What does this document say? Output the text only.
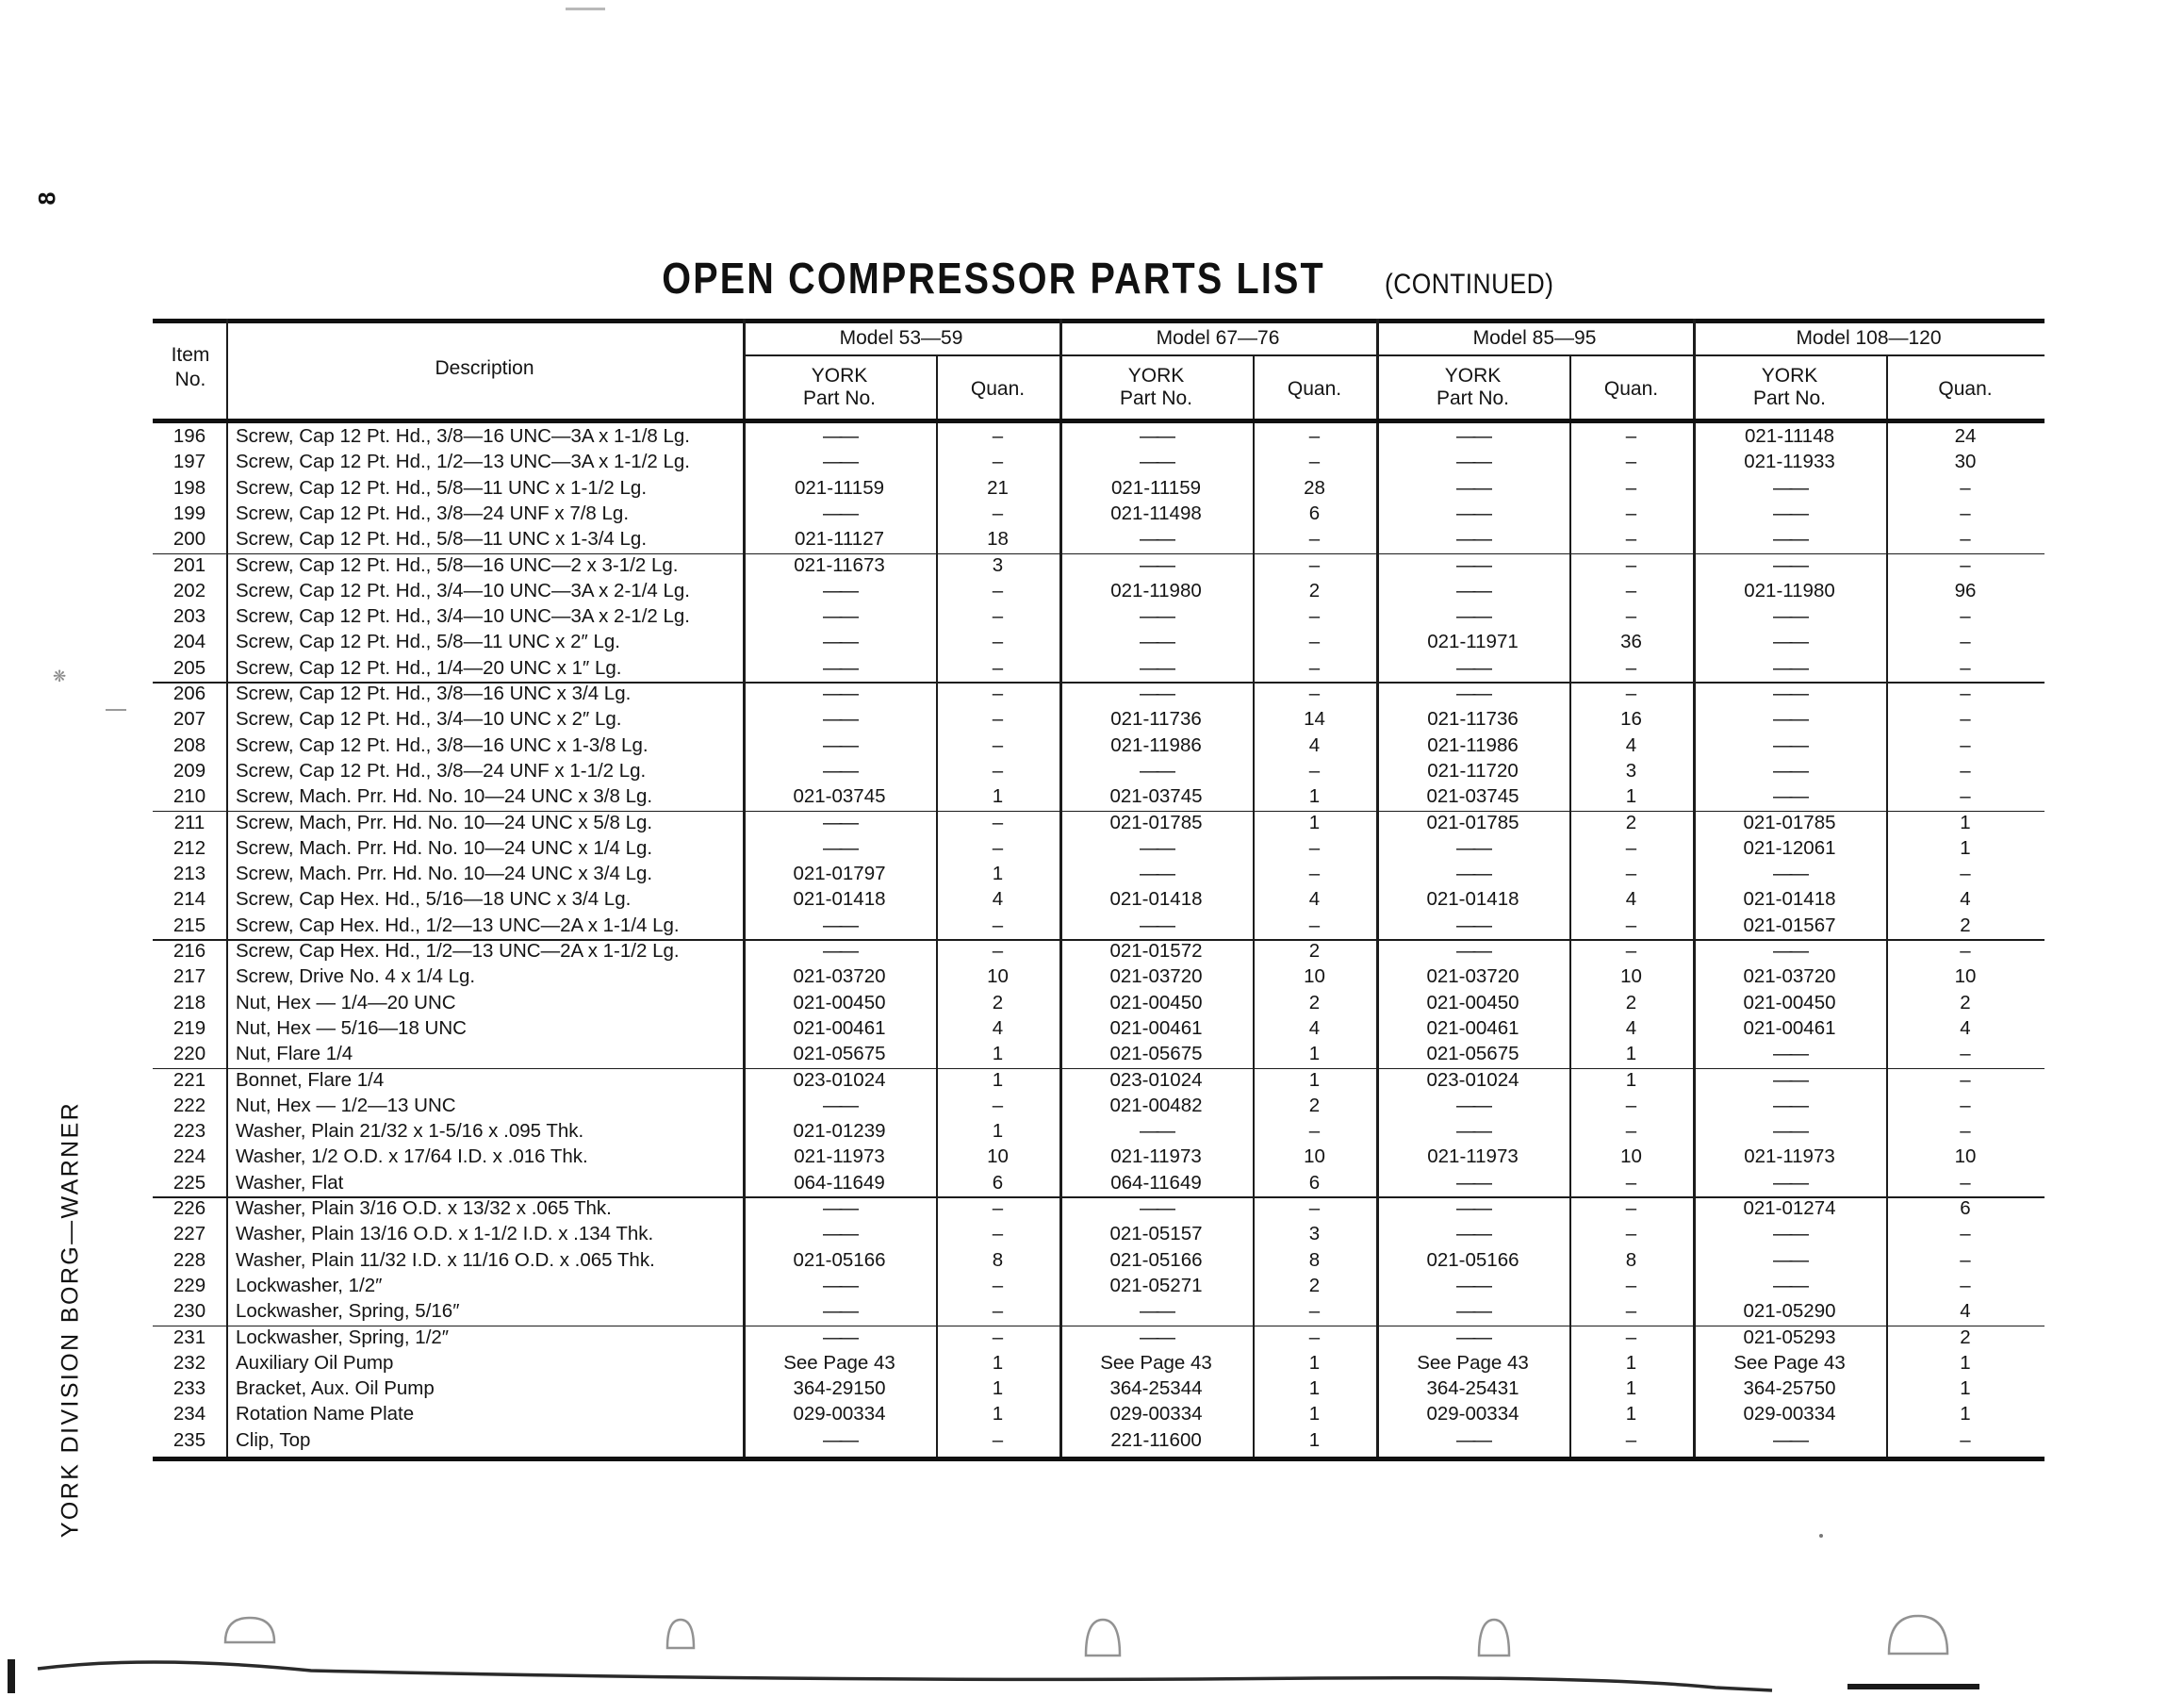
8
YORK DIVISION BORG—WARNER
❋
OPEN COMPRESSOR PARTS LIST (CONTINUED)
Item
No.
Description
Model 53—59	Model 67—76	Model 85—95	Model 108—120
YORK
Part No.	Quan.
YORK
Part No.	Quan.
YORK
Part No.	Quan.
YORK
Part No.	Quan.
196	Screw, Cap 12 Pt. Hd., 3/8—16 UNC—3A x 1-1/8 Lg.	——	–	——	–	——	–	021-11148	24
197	Screw, Cap 12 Pt. Hd., 1/2—13 UNC—3A x 1-1/2 Lg.	——	–	——	–	——	–	021-11933	30
198	Screw, Cap 12 Pt. Hd., 5/8—11 UNC x 1-1/2 Lg.	021-11159	21	021-11159	28	——	–	——	–
199	Screw, Cap 12 Pt. Hd., 3/8—24 UNF x 7/8 Lg.	——	–	021-11498	6	——	–	——	–
200	Screw, Cap 12 Pt. Hd., 5/8—11 UNC x 1-3/4 Lg.	021-11127	18	——	–	——	–	——	–
201	Screw, Cap 12 Pt. Hd., 5/8—16 UNC—2 x 3-1/2 Lg.	021-11673	3	——	–	——	–	——	–
202	Screw, Cap 12 Pt. Hd., 3/4—10 UNC—3A x 2-1/4 Lg.	——	–	021-11980	2	——	–	021-11980	96
203	Screw, Cap 12 Pt. Hd., 3/4—10 UNC—3A x 2-1/2 Lg.	——	–	——	–	——	–	——	–
204	Screw, Cap 12 Pt. Hd., 5/8—11 UNC x 2″ Lg.	——	–	——	–	021-11971	36	——	–
205	Screw, Cap 12 Pt. Hd., 1/4—20 UNC x 1″ Lg.	——	–	——	–	——	–	——	–
206	Screw, Cap 12 Pt. Hd., 3/8—16 UNC x 3/4 Lg.	——	–	——	–	——	–	——	–
207	Screw, Cap 12 Pt. Hd., 3/4—10 UNC x 2″ Lg.	——	–	021-11736	14	021-11736	16	——	–
208	Screw, Cap 12 Pt. Hd., 3/8—16 UNC x 1-3/8 Lg.	——	–	021-11986	4	021-11986	4	——	–
209	Screw, Cap 12 Pt. Hd., 3/8—24 UNF x 1-1/2 Lg.	——	–	——	–	021-11720	3	——	–
210	Screw, Mach. Prr. Hd. No. 10—24 UNC x 3/8 Lg.	021-03745	1	021-03745	1	021-03745	1	——	–
211	Screw, Mach, Prr. Hd. No. 10—24 UNC x 5/8 Lg.	——	–	021-01785	1	021-01785	2	021-01785	1
212	Screw, Mach. Prr. Hd. No. 10—24 UNC x 1/4 Lg.	——	–	——	–	——	–	021-12061	1
213	Screw, Mach. Prr. Hd. No. 10—24 UNC x 3/4 Lg.	021-01797	1	——	–	——	–	——	–
214	Screw, Cap Hex. Hd., 5/16—18 UNC x 3/4 Lg.	021-01418	4	021-01418	4	021-01418	4	021-01418	4
215	Screw, Cap Hex. Hd., 1/2—13 UNC—2A x 1-1/4 Lg.	——	–	——	–	——	–	021-01567	2
216	Screw, Cap Hex. Hd., 1/2—13 UNC—2A x 1-1/2 Lg.	——	–	021-01572	2	——	–	——	–
217	Screw, Drive No. 4 x 1/4 Lg.	021-03720	10	021-03720	10	021-03720	10	021-03720	10
218	Nut, Hex — 1/4—20 UNC	021-00450	2	021-00450	2	021-00450	2	021-00450	2
219	Nut, Hex — 5/16—18 UNC	021-00461	4	021-00461	4	021-00461	4	021-00461	4
220	Nut, Flare 1/4	021-05675	1	021-05675	1	021-05675	1	——	–
221	Bonnet, Flare 1/4	023-01024	1	023-01024	1	023-01024	1	——	–
222	Nut, Hex — 1/2—13 UNC	——	–	021-00482	2	——	–	——	–
223	Washer, Plain 21/32 x 1-5/16 x .095 Thk.	021-01239	1	——	–	——	–	——	–
224	Washer, 1/2 O.D. x 17/64 I.D. x .016 Thk.	021-11973	10	021-11973	10	021-11973	10	021-11973	10
225	Washer, Flat	064-11649	6	064-11649	6	——	–	——	–
226	Washer, Plain 3/16 O.D. x 13/32 x .065 Thk.	——	–	——	–	——	–	021-01274	6
227	Washer, Plain 13/16 O.D. x 1-1/2 I.D. x .134 Thk.	——	–	021-05157	3	——	–	——	–
228	Washer, Plain 11/32 I.D. x 11/16 O.D. x .065 Thk.	021-05166	8	021-05166	8	021-05166	8	——	–
229	Lockwasher, 1/2″	——	–	021-05271	2	——	–	——	–
230	Lockwasher, Spring, 5/16″	——	–	——	–	——	–	021-05290	4
231	Lockwasher, Spring, 1/2″	——	–	——	–	——	–	021-05293	2
232	Auxiliary Oil Pump	See Page 43	1	See Page 43	1	See Page 43	1	See Page 43	1
233	Bracket, Aux. Oil Pump	364-29150	1	364-25344	1	364-25431	1	364-25750	1
234	Rotation Name Plate	029-00334	1	029-00334	1	029-00334	1	029-00334	1
235	Clip, Top	——	–	221-11600	1	——	–	——	–
